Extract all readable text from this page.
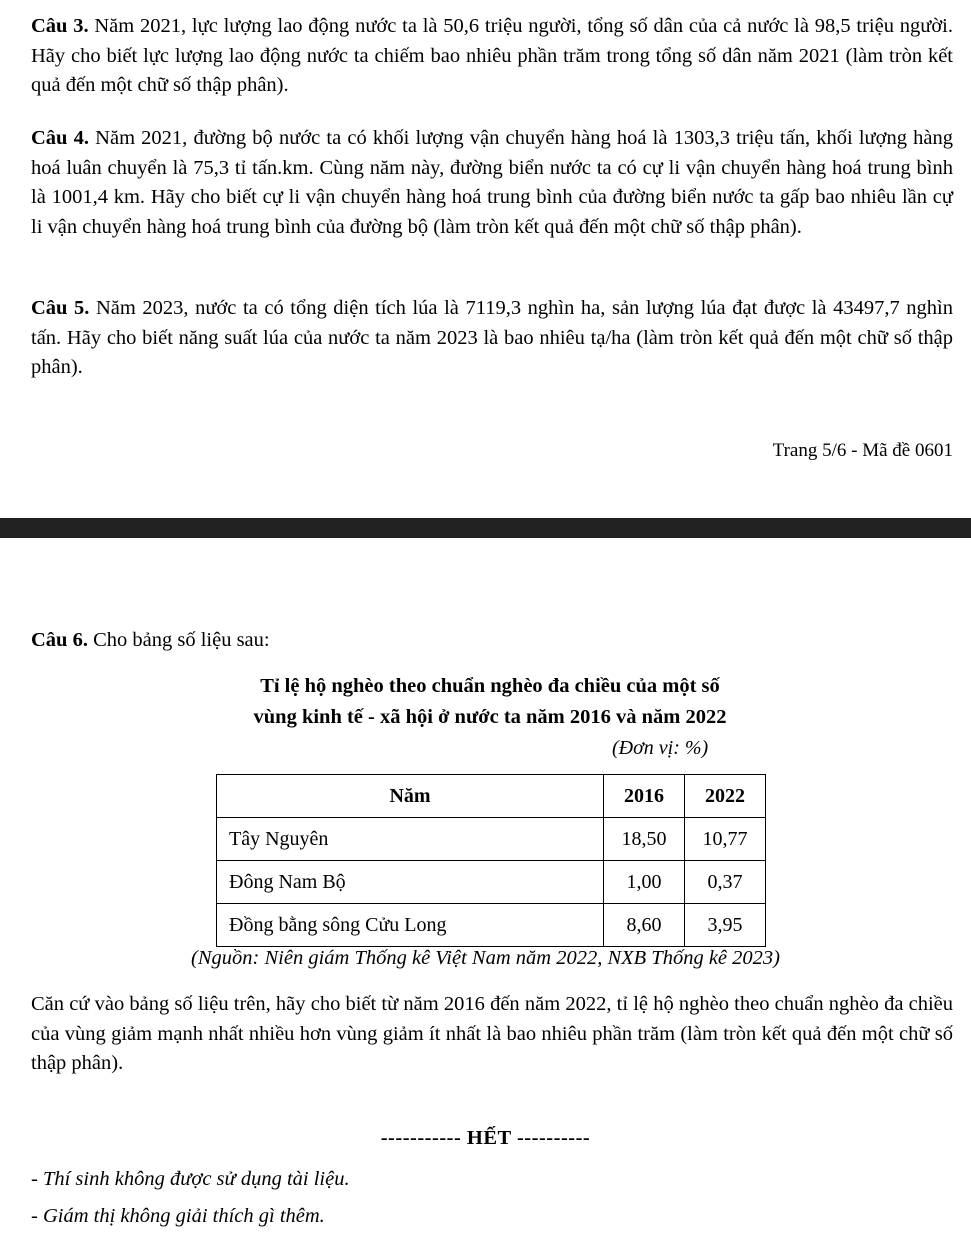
Câu 3. Năm 2021, lực lượng lao động nước ta là 50,6 triệu người, tổng số dân của cả nước là 98,5 triệu người. Hãy cho biết lực lượng lao động nước ta chiếm bao nhiêu phần trăm trong tổng số dân năm 2021 (làm tròn kết quả đến một chữ số thập phân).

Câu 4. Năm 2021, đường bộ nước ta có khối lượng vận chuyển hàng hoá là 1303,3 triệu tấn, khối lượng hàng hoá luân chuyển là 75,3 tỉ tấn.km. Cùng năm này, đường biển nước ta có cự li vận chuyển hàng hoá trung bình là 1001,4 km. Hãy cho biết cự li vận chuyển hàng hoá trung bình của đường biển nước ta gấp bao nhiêu lần cự li vận chuyển hàng hoá trung bình của đường bộ (làm tròn kết quả đến một chữ số thập phân).

Câu 5. Năm 2023, nước ta có tổng diện tích lúa là 7119,3 nghìn ha, sản lượng lúa đạt được là 43497,7 nghìn tấn. Hãy cho biết năng suất lúa của nước ta năm 2023 là bao nhiêu tạ/ha (làm tròn kết quả đến một chữ số thập phân).

Trang 5/6 - Mã đề 0601

Câu 6. Cho bảng số liệu sau:

Tỉ lệ hộ nghèo theo chuẩn nghèo đa chiều của một số
vùng kinh tế - xã hội ở nước ta năm 2016 và năm 2022
(Đơn vị: %)
Năm	2016	2022
Tây Nguyên	18,50	10,77
Đông Nam Bộ	1,00	0,37
Đồng bằng sông Cửu Long	8,60	3,95
(Nguồn: Niên giám Thống kê Việt Nam năm 2022, NXB Thống kê 2023)

Căn cứ vào bảng số liệu trên, hãy cho biết từ năm 2016 đến năm 2022, tỉ lệ hộ nghèo theo chuẩn nghèo đa chiều của vùng giảm mạnh nhất nhiều hơn vùng giảm ít nhất là bao nhiêu phần trăm (làm tròn kết quả đến một chữ số thập phân).

----------- HẾT ----------
- Thí sinh không được sử dụng tài liệu.
- Giám thị không giải thích gì thêm.
